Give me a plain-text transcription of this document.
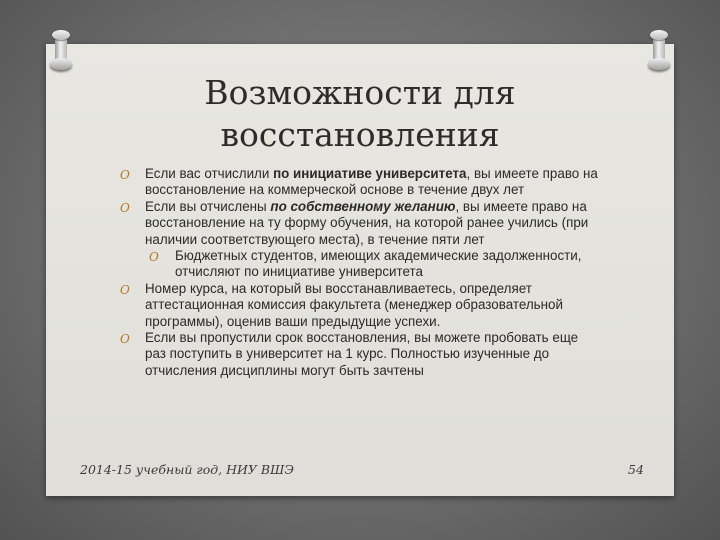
Возможности для
восстановления

O Если вас отчислили по инициативе университета, вы имеете право на восстановление на коммерческой основе в течение двух лет

O Если вы отчислены по собственному желанию, вы имеете право на восстановление на ту форму обучения, на которой ранее учились (при наличии соответствующего места), в течение пяти лет

O Бюджетных студентов, имеющих академические задолженности, отчисляют по инициативе университета

O Номер курса, на который вы восстанавливаетесь, определяет аттестационная комиссия факультета (менеджер образовательной программы), оценив ваши предыдущие успехи.

O Если вы пропустили срок восстановления, вы можете пробовать еще раз поступить в университет на 1 курс. Полностью изученные до отчисления дисциплины могут быть зачтены

2014-15 учебный год, НИУ ВШЭ	54
